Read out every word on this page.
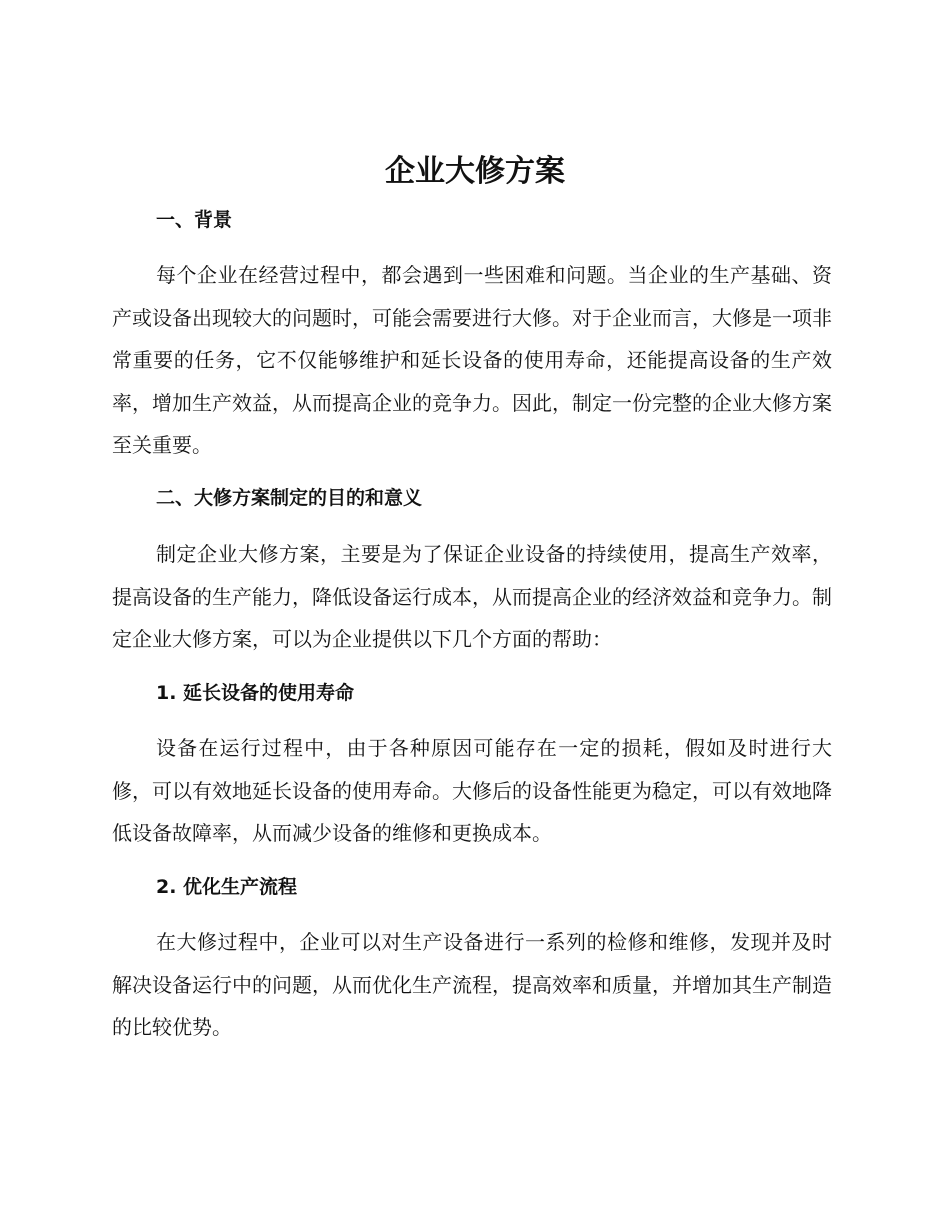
企业大修方案
一、背景

每个企业在经营过程中，都会遇到一些困难和问题。当企业的生产基础、资产或设备出现较大的问题时，可能会需要进行大修。对于企业而言，大修是一项非常重要的任务，它不仅能够维护和延长设备的使用寿命，还能提高设备的生产效率，增加生产效益，从而提高企业的竞争力。因此，制定一份完整的企业大修方案至关重要。

二、大修方案制定的目的和意义

制定企业大修方案，主要是为了保证企业设备的持续使用，提高生产效率，提高设备的生产能力，降低设备运行成本，从而提高企业的经济效益和竞争力。制定企业大修方案，可以为企业提供以下几个方面的帮助：

1. 延长设备的使用寿命

设备在运行过程中，由于各种原因可能存在一定的损耗，假如及时进行大修，可以有效地延长设备的使用寿命。大修后的设备性能更为稳定，可以有效地降低设备故障率，从而减少设备的维修和更换成本。

2. 优化生产流程

在大修过程中，企业可以对生产设备进行一系列的检修和维修，发现并及时解决设备运行中的问题，从而优化生产流程，提高效率和质量，并增加其生产制造的比较优势。
